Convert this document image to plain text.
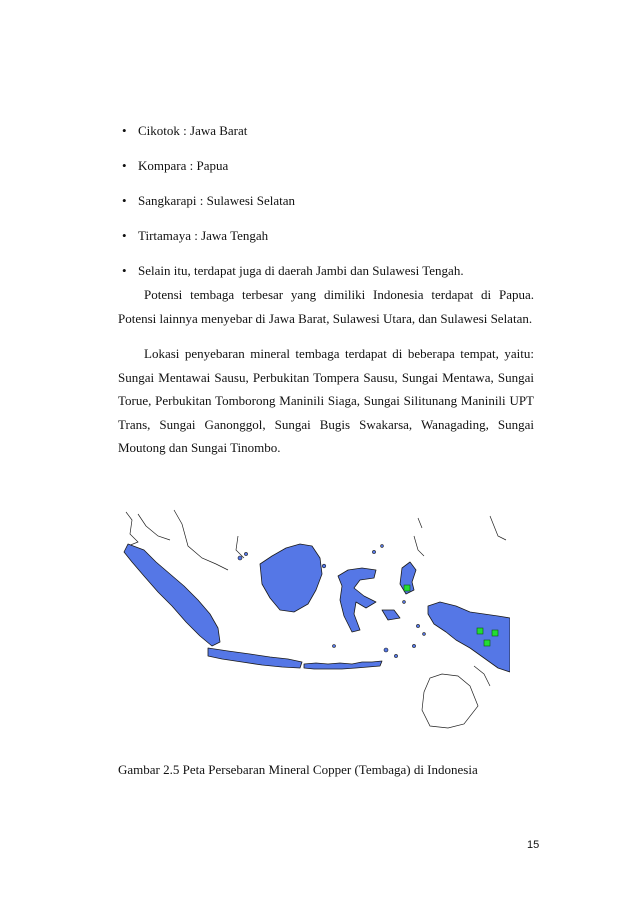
• Cikotok : Jawa Barat
• Kompara : Papua
• Sangkarapi : Sulawesi Selatan
• Tirtamaya : Jawa Tengah
• Selain itu, terdapat juga di daerah Jambi dan Sulawesi Tengah.

Potensi tembaga terbesar yang dimiliki Indonesia terdapat di Papua. Potensi lainnya menyebar di Jawa Barat, Sulawesi Utara, dan Sulawesi Selatan.

Lokasi penyebaran mineral tembaga terdapat di beberapa tempat, yaitu: Sungai Mentawai Sausu, Perbukitan Tompera Sausu, Sungai Mentawa, Sungai Torue, Perbukitan Tomborong Maninili Siaga, Sungai Silitunang Maninili UPT Trans, Sungai Ganonggol, Sungai Bugis Swakarsa, Wanagading, Sungai Moutong dan Sungai Tinombo.

Gambar 2.5 Peta Persebaran Mineral Copper (Tembaga) di Indonesia
15
